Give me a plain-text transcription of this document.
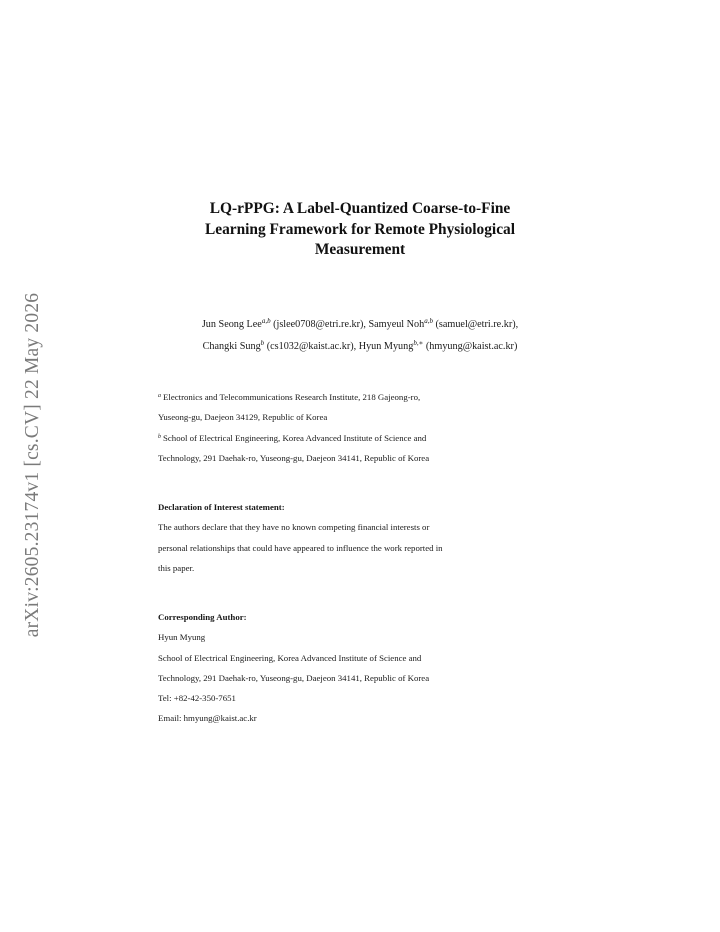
arXiv:2605.23174v1 [cs.CV] 22 May 2026
LQ-rPPG: A Label-Quantized Coarse-to-Fine
Learning Framework for Remote Physiological
Measurement
Jun Seong Lee$^{a,b}$ (jslee0708@etri.re.kr), Samyeul Noh$^{a,b}$ (samuel@etri.re.kr),
Changki Sung$^b$ (cs1032@kaist.ac.kr), Hyun Myung$^{b,∗}$ (hmyung@kaist.ac.kr)
$^a$ Electronics and Telecommunications Research Institute, 218 Gajeong-ro,
Yuseong-gu, Daejeon 34129, Republic of Korea
$^b$ School of Electrical Engineering, Korea Advanced Institute of Science and
Technology, 291 Daehak-ro, Yuseong-gu, Daejeon 34141, Republic of Korea
Declaration of Interest statement:
The authors declare that they have no known competing financial interests or
personal relationships that could have appeared to influence the work reported in
this paper.
Corresponding Author:
Hyun Myung
School of Electrical Engineering, Korea Advanced Institute of Science and
Technology, 291 Daehak-ro, Yuseong-gu, Daejeon 34141, Republic of Korea
Tel: +82-42-350-7651
Email: hmyung@kaist.ac.kr
